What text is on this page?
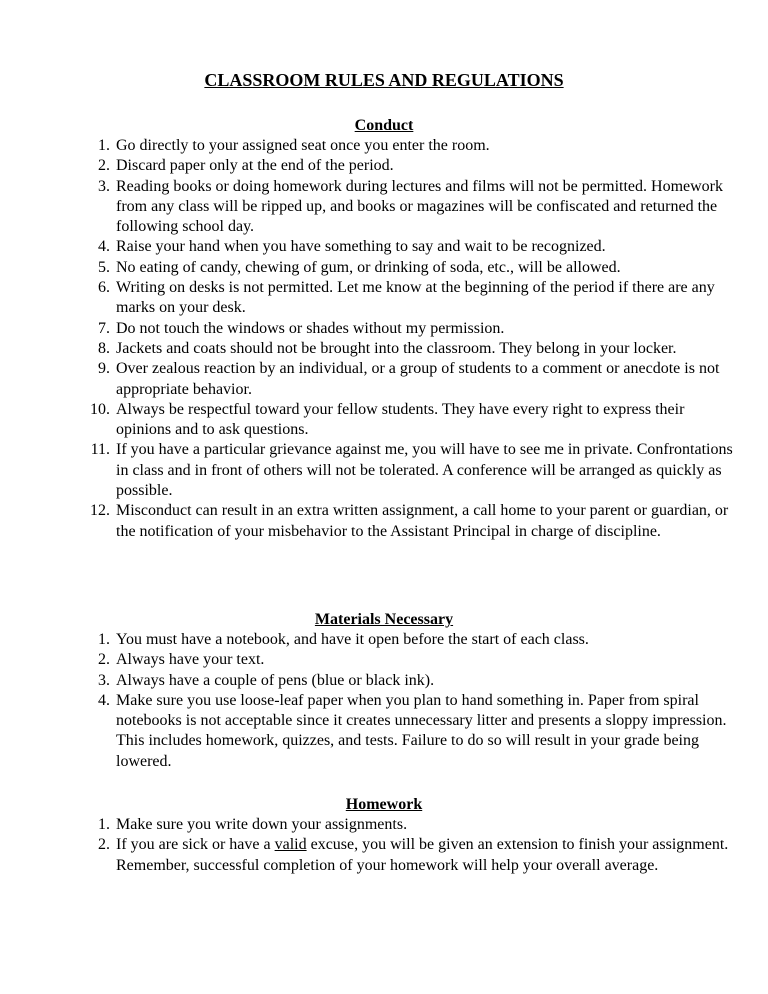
CLASSROOM RULES AND REGULATIONS
Conduct
1. Go directly to your assigned seat once you enter the room.
2. Discard paper only at the end of the period.
3. Reading books or doing homework during lectures and films will not be permitted. Homework from any class will be ripped up, and books or magazines will be confiscated and returned the following school day.
4. Raise your hand when you have something to say and wait to be recognized.
5. No eating of candy, chewing of gum, or drinking of soda, etc., will be allowed.
6. Writing on desks is not permitted. Let me know at the beginning of the period if there are any marks on your desk.
7. Do not touch the windows or shades without my permission.
8. Jackets and coats should not be brought into the classroom. They belong in your locker.
9. Over zealous reaction by an individual, or a group of students to a comment or anecdote is not appropriate behavior.
10. Always be respectful toward your fellow students. They have every right to express their opinions and to ask questions.
11. If you have a particular grievance against me, you will have to see me in private. Confrontations in class and in front of others will not be tolerated. A conference will be arranged as quickly as possible.
12. Misconduct can result in an extra written assignment, a call home to your parent or guardian, or the notification of your misbehavior to the Assistant Principal in charge of discipline.
Materials Necessary
1. You must have a notebook, and have it open before the start of each class.
2. Always have your text.
3. Always have a couple of pens (blue or black ink).
4. Make sure you use loose-leaf paper when you plan to hand something in. Paper from spiral notebooks is not acceptable since it creates unnecessary litter and presents a sloppy impression. This includes homework, quizzes, and tests. Failure to do so will result in your grade being lowered.
Homework
1. Make sure you write down your assignments.
2. If you are sick or have a valid excuse, you will be given an extension to finish your assignment. Remember, successful completion of your homework will help your overall average.
